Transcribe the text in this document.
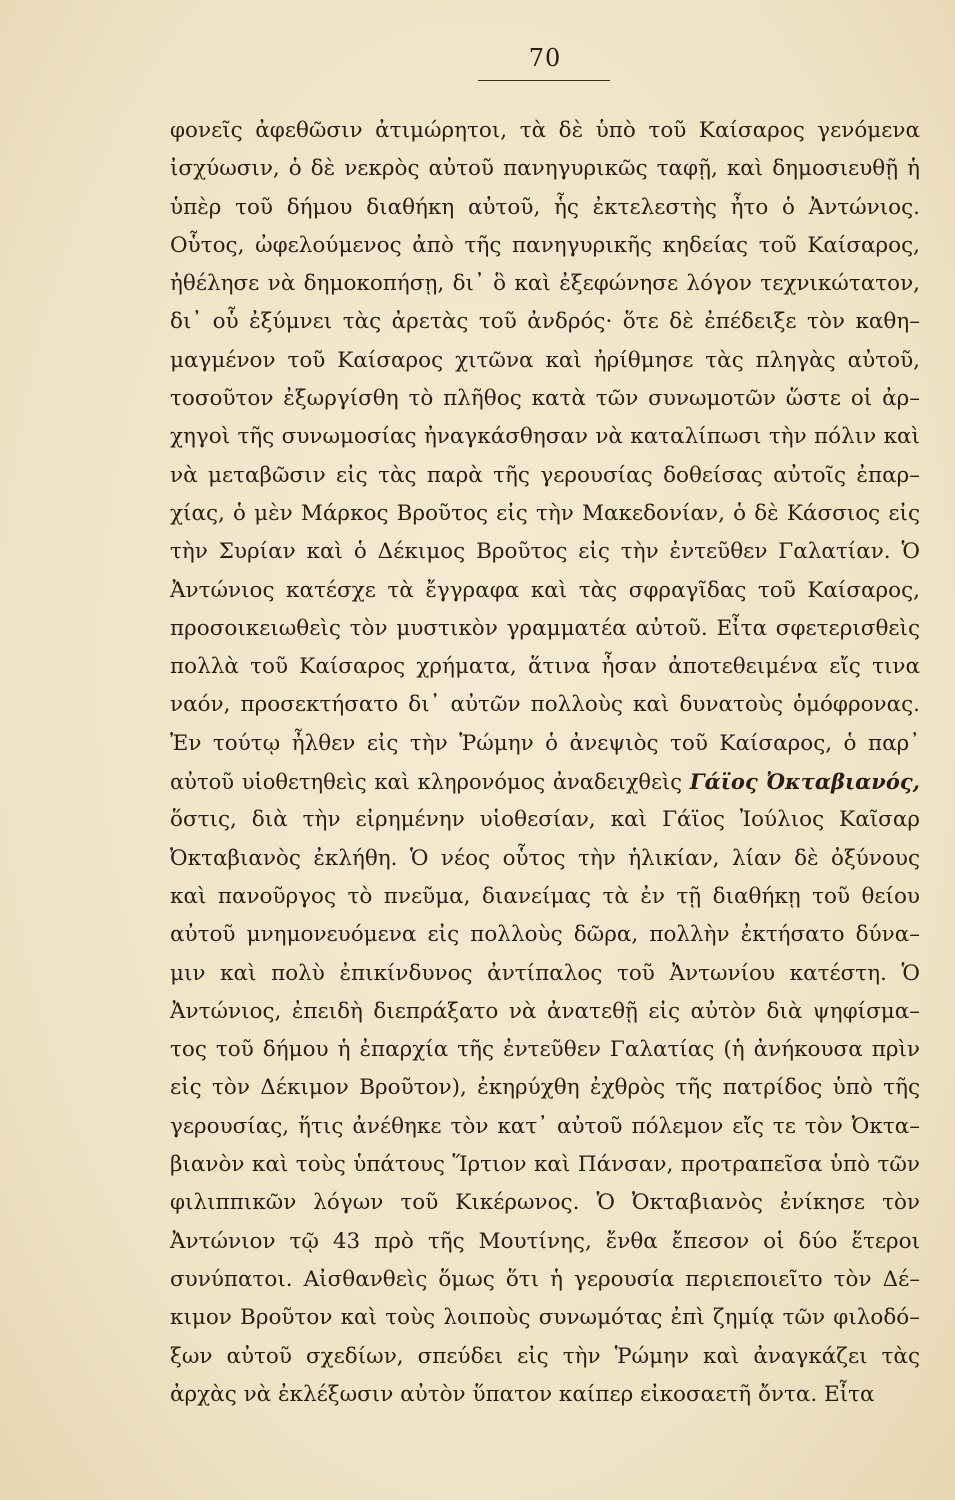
70
φονεῖς ἀφεθῶσιν ἀτιμώρητοι, τὰ δὲ ὑπὸ τοῦ Καίσαρος γενόμενα
ἰσχύωσιν, ὁ δὲ νεκρὸς αὐτοῦ πανηγυρικῶς ταφῇ, καὶ δημοσιευθῇ ἡ
ὑπὲρ τοῦ δήμου διαθήκη αὐτοῦ, ἧς ἐκτελεστὴς ἦτο ὁ Ἀντώνιος.
Οὗτος, ὠφελούμενος ἀπὸ τῆς πανηγυρικῆς κηδείας τοῦ Καίσαρος,
ἠθέλησε νὰ δημοκοπήσῃ, δι᾽ ὃ καὶ ἐξεφώνησε λόγον τεχνικώτατον,
δι᾽ οὗ ἐξύμνει τὰς ἀρετὰς τοῦ ἀνδρός· ὅτε δὲ ἐπέδειξε τὸν καθη–
μαγμένον τοῦ Καίσαρος χιτῶνα καὶ ἠρίθμησε τὰς πληγὰς αὐτοῦ,
τοσοῦτον ἐξωργίσθη τὸ πλῆθος κατὰ τῶν συνωμοτῶν ὥστε οἱ ἀρ–
χηγοὶ τῆς συνωμοσίας ἠναγκάσθησαν νὰ καταλίπωσι τὴν πόλιν καὶ
νὰ μεταβῶσιν εἰς τὰς παρὰ τῆς γερουσίας δοθείσας αὐτοῖς ἐπαρ–
χίας, ὁ μὲν Μάρκος Βροῦτος εἰς τὴν Μακεδονίαν, ὁ δὲ Κάσσιος εἰς
τὴν Συρίαν καὶ ὁ Δέκιμος Βροῦτος εἰς τὴν ἐντεῦθεν Γαλατίαν. Ὁ
Ἀντώνιος κατέσχε τὰ ἔγγραφα καὶ τὰς σφραγῖδας τοῦ Καίσαρος,
προσοικειωθεὶς τὸν μυστικὸν γραμματέα αὐτοῦ. Εἶτα σφετερισθεὶς
πολλὰ τοῦ Καίσαρος χρήματα, ἅτινα ἦσαν ἀποτεθειμένα εἴς τινα
ναόν, προσεκτήσατο δι᾽ αὐτῶν πολλοὺς καὶ δυνατοὺς ὁμόφρονας.
Ἐν τούτῳ ἦλθεν εἰς τὴν Ῥώμην ὁ ἀνεψιὸς τοῦ Καίσαρος, ὁ παρ᾽
αὐτοῦ υἱοθετηθεὶς καὶ κληρονόμος ἀναδειχθεὶς Γάϊος Ὀκταβιανός,
ὅστις, διὰ τὴν εἰρημένην υἱοθεσίαν, καὶ Γάϊος Ἰούλιος Καῖσαρ
Ὀκταβιανὸς ἐκλήθη. Ὁ νέος οὗτος τὴν ἡλικίαν, λίαν δὲ ὀξύνους
καὶ πανοῦργος τὸ πνεῦμα, διανείμας τὰ ἐν τῇ διαθήκῃ τοῦ θείου
αὐτοῦ μνημονευόμενα εἰς πολλοὺς δῶρα, πολλὴν ἐκτήσατο δύνα–
μιν καὶ πολὺ ἐπικίνδυνος ἀντίπαλος τοῦ Ἀντωνίου κατέστη. Ὁ
Ἀντώνιος, ἐπειδὴ διεπράξατο νὰ ἀνατεθῇ εἰς αὐτὸν διὰ ψηφίσμα–
τος τοῦ δήμου ἡ ἐπαρχία τῆς ἐντεῦθεν Γαλατίας (ἡ ἀνήκουσα πρὶν
εἰς τὸν Δέκιμον Βροῦτον), ἐκηρύχθη ἐχθρὸς τῆς πατρίδος ὑπὸ τῆς
γερουσίας, ἥτις ἀνέθηκε τὸν κατ᾽ αὐτοῦ πόλεμον εἴς τε τὸν Ὀκτα–
βιανὸν καὶ τοὺς ὑπάτους Ἵρτιον καὶ Πάνσαν, προτραπεῖσα ὑπὸ τῶν
φιλιππικῶν λόγων τοῦ Κικέρωνος. Ὁ Ὀκταβιανὸς ἐνίκησε τὸν
Ἀντώνιον τῷ 43 πρὸ τῆς Μουτίνης, ἔνθα ἔπεσον οἱ δύο ἕτεροι
συνύπατοι. Αἰσθανθεὶς ὅμως ὅτι ἡ γερουσία περιεποιεῖτο τὸν Δέ–
κιμον Βροῦτον καὶ τοὺς λοιποὺς συνωμότας ἐπὶ ζημίᾳ τῶν φιλοδό–
ξων αὐτοῦ σχεδίων, σπεύδει εἰς τὴν Ῥώμην καὶ ἀναγκάζει τὰς
ἀρχὰς νὰ ἐκλέξωσιν αὐτὸν ὕπατον καίπερ εἰκοσαετῆ ὄντα. Εἶτα
